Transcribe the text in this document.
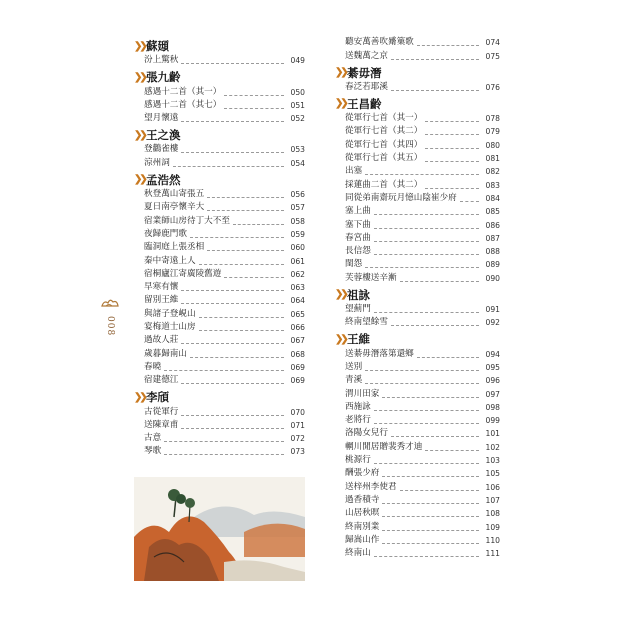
❯❯ 蘇頲
汾上驚秋	049
❯❯ 張九齡
感遇十二首（其一）	050
感遇十二首（其七）	051
望月懷遠	052
❯❯ 王之渙
登鸛雀樓	053
涼州詞	054
❯❯ 孟浩然
秋登萬山寄張五	056
夏日南亭懷辛大	057
宿業師山房待丁大不至	058
夜歸鹿門歌	059
臨洞庭上張丞相	060
秦中寄遠上人	061
宿桐廬江寄廣陵舊遊	062
早寒有懷	063
留別王維	064
與諸子登峴山	065
宴梅道士山房	066
過故人莊	067
歲暮歸南山	068
春曉	069
宿建德江	069
❯❯ 李頎
古從軍行	070
送陳章甫	071
古意	072
琴歌	073
聽安萬善吹觱篥歌	074
送魏萬之京	075
❯❯ 綦毋潛
春泛若耶溪	076
❯❯ 王昌齡
從軍行七首（其一）	078
從軍行七首（其二）	079
從軍行七首（其四）	080
從軍行七首（其五）	081
出塞	082
採蓮曲二首（其二）	083
同從弟南齋玩月憶山陰崔少府	084
塞上曲	085
塞下曲	086
春宮曲	087
長信怨	088
閨怨	089
芙蓉樓送辛漸	090
❯❯ 祖詠
望薊門	091
終南望餘雪	092
❯❯ 王維
送綦毋潛落第還鄉	094
送別	095
青溪	096
渭川田家	097
西施詠	098
老將行	099
洛陽女兒行	101
輞川閒居贈裴秀才迪	102
桃源行	103
酬張少府	105
送梓州李使君	106
過香積寺	107
山居秋暝	108
終南別業	109
歸嵩山作	110
終南山	111
008
